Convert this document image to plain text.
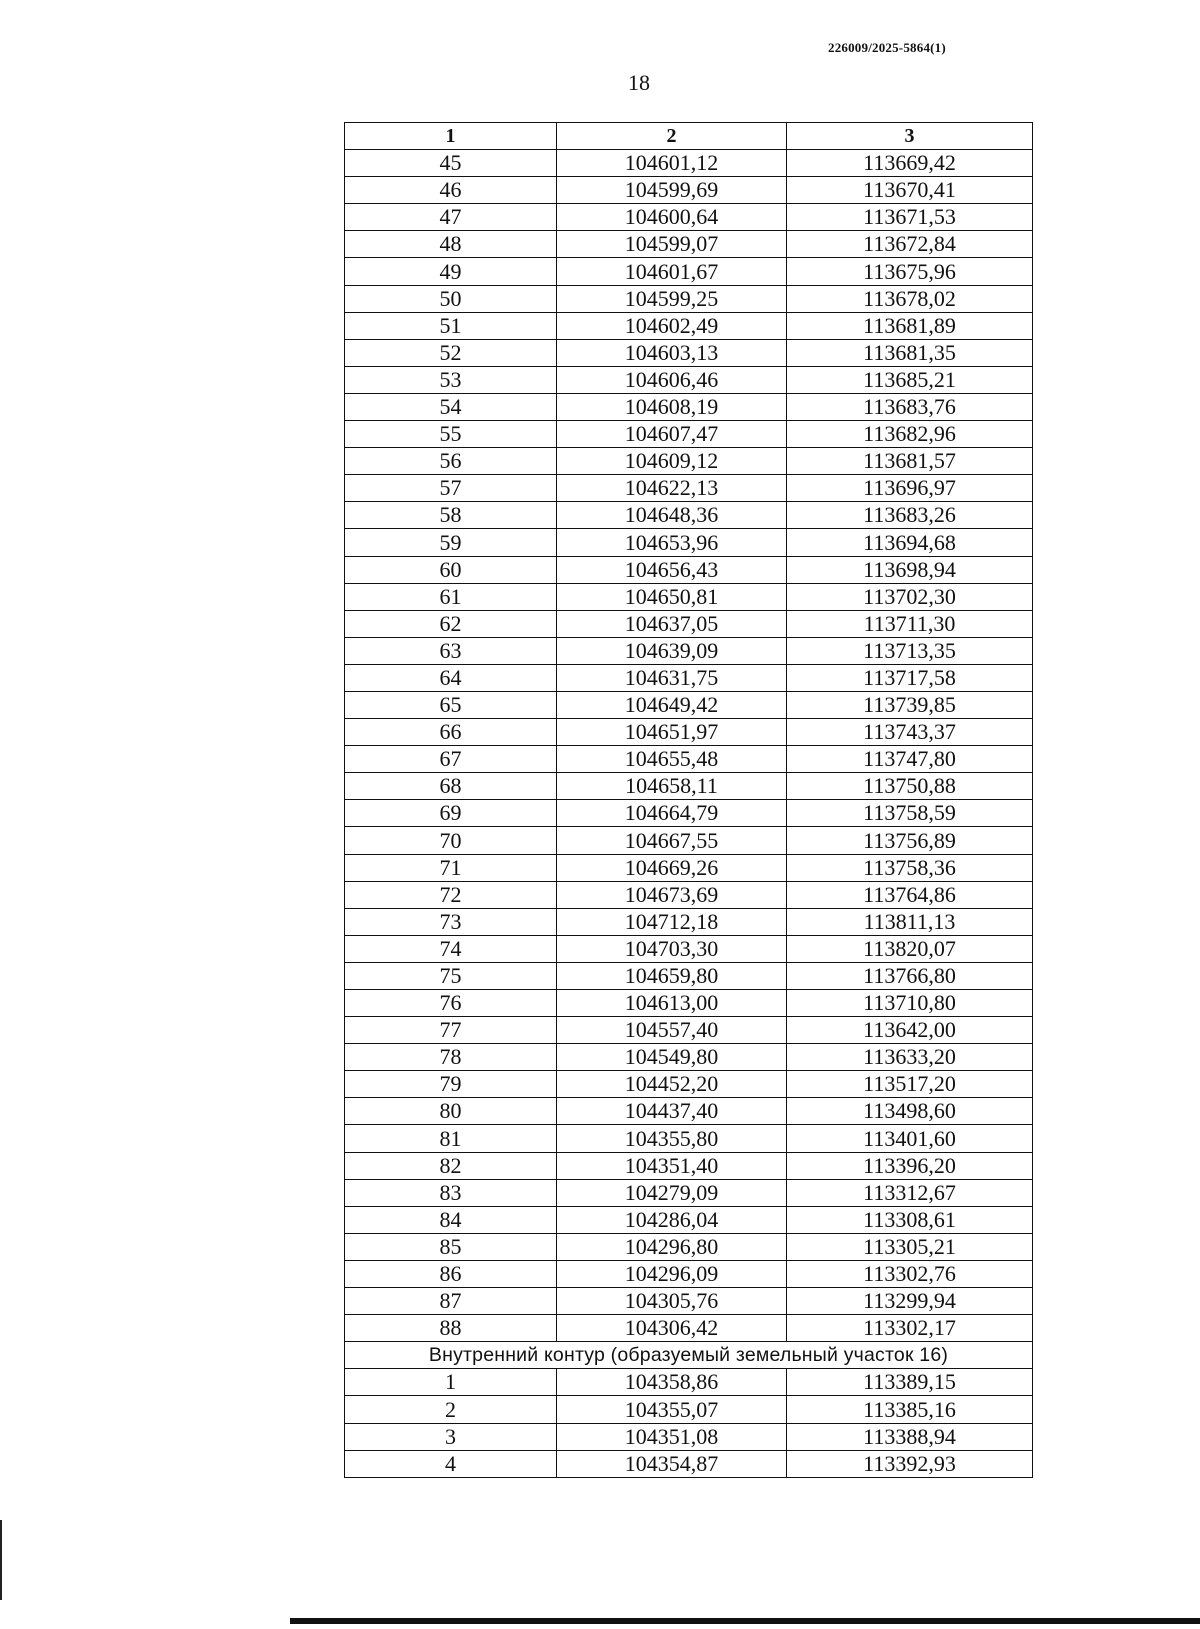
226009/2025-5864(1)
18
1	2	3
45	104601,12	113669,42
46	104599,69	113670,41
47	104600,64	113671,53
48	104599,07	113672,84
49	104601,67	113675,96
50	104599,25	113678,02
51	104602,49	113681,89
52	104603,13	113681,35
53	104606,46	113685,21
54	104608,19	113683,76
55	104607,47	113682,96
56	104609,12	113681,57
57	104622,13	113696,97
58	104648,36	113683,26
59	104653,96	113694,68
60	104656,43	113698,94
61	104650,81	113702,30
62	104637,05	113711,30
63	104639,09	113713,35
64	104631,75	113717,58
65	104649,42	113739,85
66	104651,97	113743,37
67	104655,48	113747,80
68	104658,11	113750,88
69	104664,79	113758,59
70	104667,55	113756,89
71	104669,26	113758,36
72	104673,69	113764,86
73	104712,18	113811,13
74	104703,30	113820,07
75	104659,80	113766,80
76	104613,00	113710,80
77	104557,40	113642,00
78	104549,80	113633,20
79	104452,20	113517,20
80	104437,40	113498,60
81	104355,80	113401,60
82	104351,40	113396,20
83	104279,09	113312,67
84	104286,04	113308,61
85	104296,80	113305,21
86	104296,09	113302,76
87	104305,76	113299,94
88	104306,42	113302,17
Внутренний контур (образуемый земельный участок 16)		
1	104358,86	113389,15
2	104355,07	113385,16
3	104351,08	113388,94
4	104354,87	113392,93
